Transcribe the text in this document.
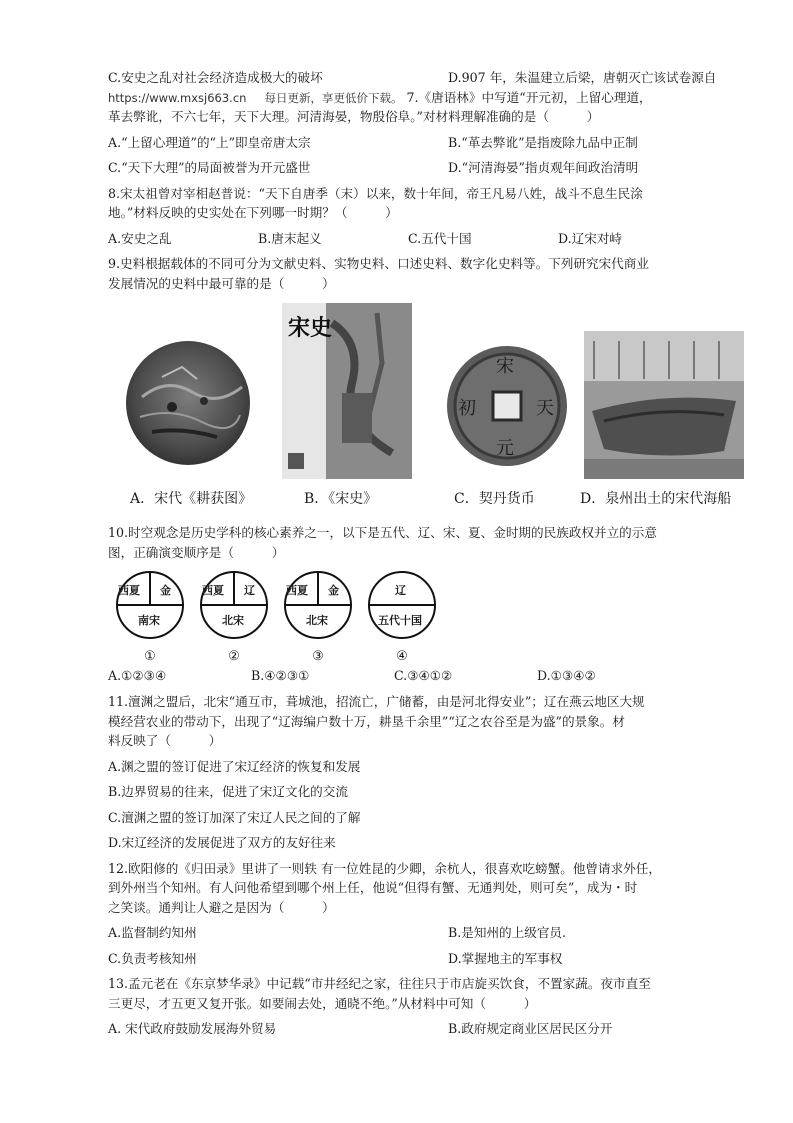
C.安史之乱对社会经济造成极大的破坏	D.907 年，朱温建立后梁，唐朝灭亡该试卷源自
https://www.mxsj663.cn 每日更新，享更低价下载。 7.《唐语林》中写道“开元初，上留心理道，
革去弊讹，不六七年，天下大理。河清海晏，物殷俗阜。”对材料理解准确的是（　　　）
A.“上留心理道”的“上”即皇帝唐太宗	B.“革去弊讹”是指废除九品中正制
C.“天下大理”的局面被誉为开元盛世	D.“河清海晏”指贞观年间政治清明
8.宋太祖曾对宰相赵普说：“天下自唐季（末）以来，数十年间，帝王凡易八姓，战斗不息生民涂
地。”材料反映的史实处在下列哪一时期？（　　　）
A.安史之乱	B.唐末起义	C.五代十国	D.辽宋对峙
9.史料根据载体的不同可分为文献史料、实物史料、口述史料、数字化史料等。下列研究宋代商业
发展情况的史料中最可靠的是（　　　）
宋史
宋
天
元
初
A．宋代《耕获图》	B．《宋史》	C．契丹货币	D．泉州出土的宋代海船
10.时空观念是历史学科的核心素养之一，以下是五代、辽、宋、夏、金时期的民族政权并立的示意
图，正确演变顺序是（　　　）
西夏 金
南宋
①
西夏 辽
北宋
②
西夏 金
北宋
③
辽
五代十国
④
A.①②③④	B.④②③①	C.③④①②	D.①③④②
11.澶渊之盟后，北宋“通互市，葺城池，招流亡，广储蓄，由是河北得安业”；辽在燕云地区大规
模经营农业的带动下，出现了“辽海编户数十万，耕垦千余里”“辽之农谷至是为盛”的景象。材
料反映了（　　　）
A.渊之盟的签订促进了宋辽经济的恢复和发展
B.边界贸易的往来，促进了宋辽文化的交流
C.澶渊之盟的签订加深了宋辽人民之间的了解
D.宋辽经济的发展促进了双方的友好往来
12.欧阳修的《归田录》里讲了一则轶 有一位姓昆的少卿，余杭人，很喜欢吃螃蟹。他曾请求外任，
到外州当个知州。有人问他希望到哪个州上任，他说“但得有蟹、无通判处，则可矣”，成为・时
之笑谈。通判让人避之是因为（　　　）
A.监督制约知州	B.是知州的上级官员.
C.负责考核知州	D.掌握地主的军事权
13.孟元老在《东京梦华录》中记载“市井经纪之家，往往只于市店旋买饮食，不置家蔬。夜市直至
三更尽，才五更又复开张。如要闹去处，通晓不绝。”从材料中可知（　　　）
A. 宋代政府鼓励发展海外贸易	B.政府规定商业区居民区分开
